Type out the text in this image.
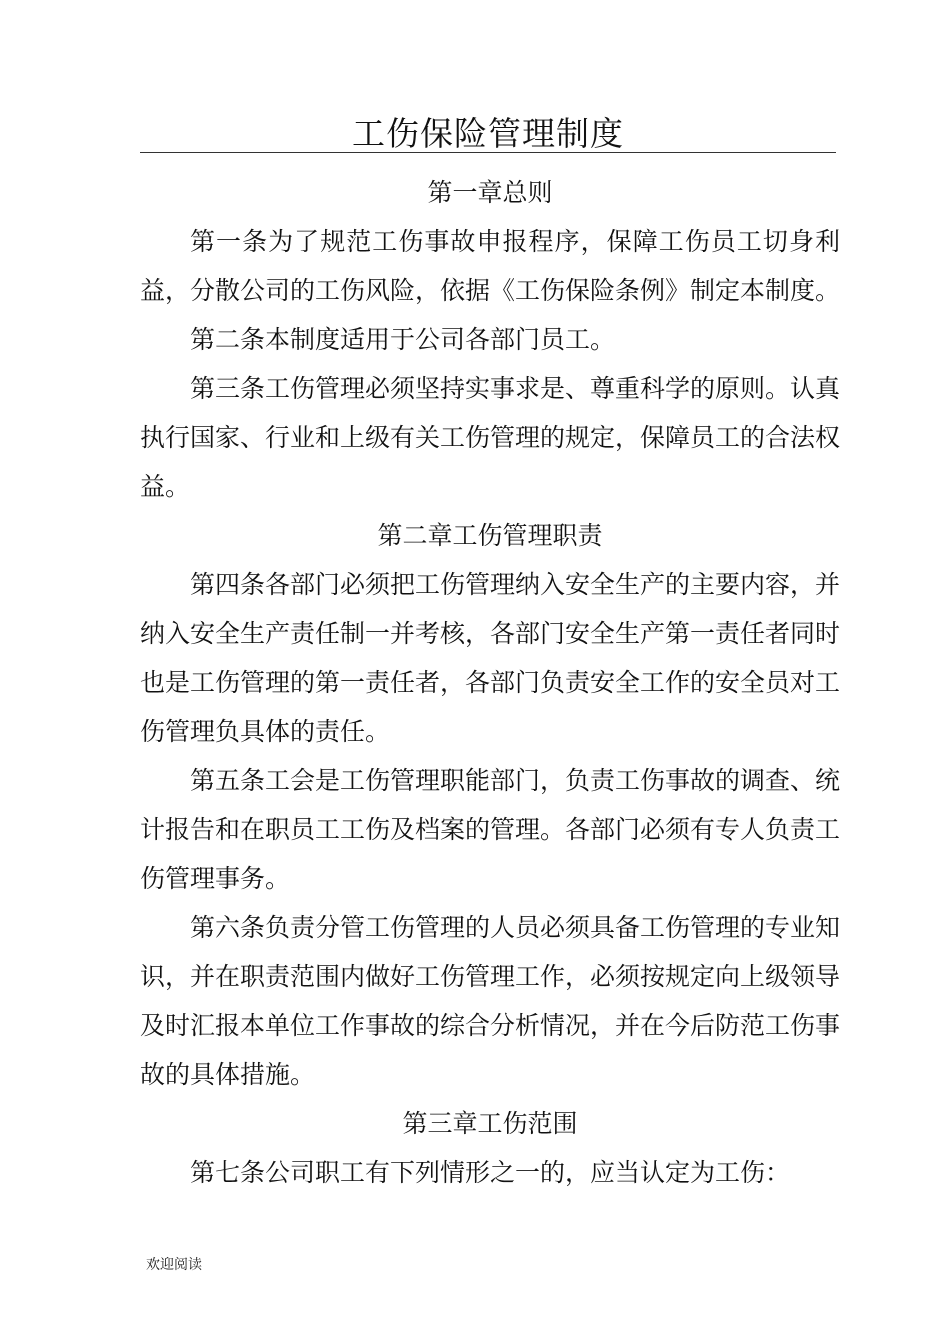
工伤保险管理制度

第一章总则

第一条为了规范工伤事故申报程序，保障工伤员工切身利益，分散公司的工伤风险，依据《工伤保险条例》制定本制度。

第二条本制度适用于公司各部门员工。

第三条工伤管理必须坚持实事求是、尊重科学的原则。认真执行国家、行业和上级有关工伤管理的规定，保障员工的合法权益。

第二章工伤管理职责

第四条各部门必须把工伤管理纳入安全生产的主要内容，并纳入安全生产责任制一并考核，各部门安全生产第一责任者同时也是工伤管理的第一责任者，各部门负责安全工作的安全员对工伤管理负具体的责任。

第五条工会是工伤管理职能部门，负责工伤事故的调查、统计报告和在职员工工伤及档案的管理。各部门必须有专人负责工伤管理事务。

第六条负责分管工伤管理的人员必须具备工伤管理的专业知识，并在职责范围内做好工伤管理工作，必须按规定向上级领导及时汇报本单位工作事故的综合分析情况，并在今后防范工伤事故的具体措施。

第三章工伤范围

第七条公司职工有下列情形之一的，应当认定为工伤：

欢迎阅读
